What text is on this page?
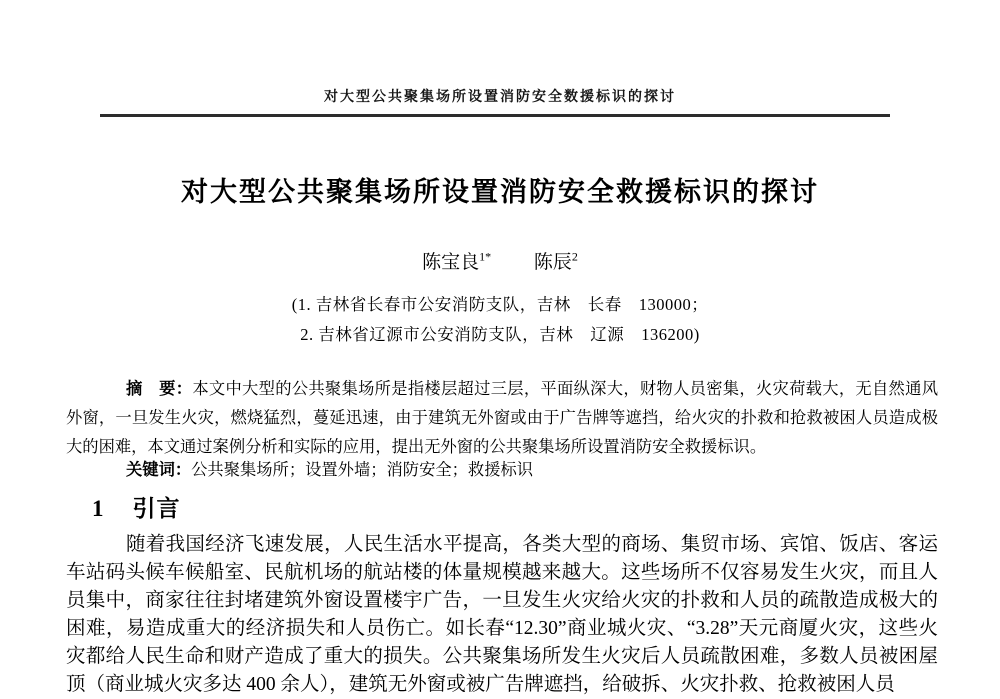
对大型公共聚集场所设置消防安全数援标识的探讨
对大型公共聚集场所设置消防安全救援标识的探讨
陈宝良$^{1*}$ 陈辰$^2$
(1. 吉林省长春市公安消防支队，吉林　长春　130000；
2. 吉林省辽源市公安消防支队，吉林　辽源　136200)

摘　要：本文中大型的公共聚集场所是指楼层超过三层，平面纵深大，财物人员密集，火灾荷载大，无自然通风外窗，一旦发生火灾，燃烧猛烈，蔓延迅速，由于建筑无外窗或由于广告牌等遮挡，给火灾的扑救和抢救被困人员造成极大的困难，本文通过案例分析和实际的应用，提出无外窗的公共聚集场所设置消防安全救援标识。

关键词：公共聚集场所；设置外墙；消防安全；救援标识

1 引言

随着我国经济飞速发展，人民生活水平提高，各类大型的商场、集贸市场、宾馆、饭店、客运车站码头候车候船室、民航机场的航站楼的体量规模越来越大。这些场所不仅容易发生火灾，而且人员集中，商家往往封堵建筑外窗设置楼宇广告，一旦发生火灾给火灾的扑救和人员的疏散造成极大的困难，易造成重大的经济损失和人员伤亡。如长春“12.30”商业城火灾、“3.28”天元商厦火灾，这些火灾都给人民生命和财产造成了重大的损失。公共聚集场所发生火灾后人员疏散困难，多数人员被困屋顶（商业城火灾多达 400 余人），建筑无外窗或被广告牌遮挡，给破拆、火灾扑救、抢救被困人员
